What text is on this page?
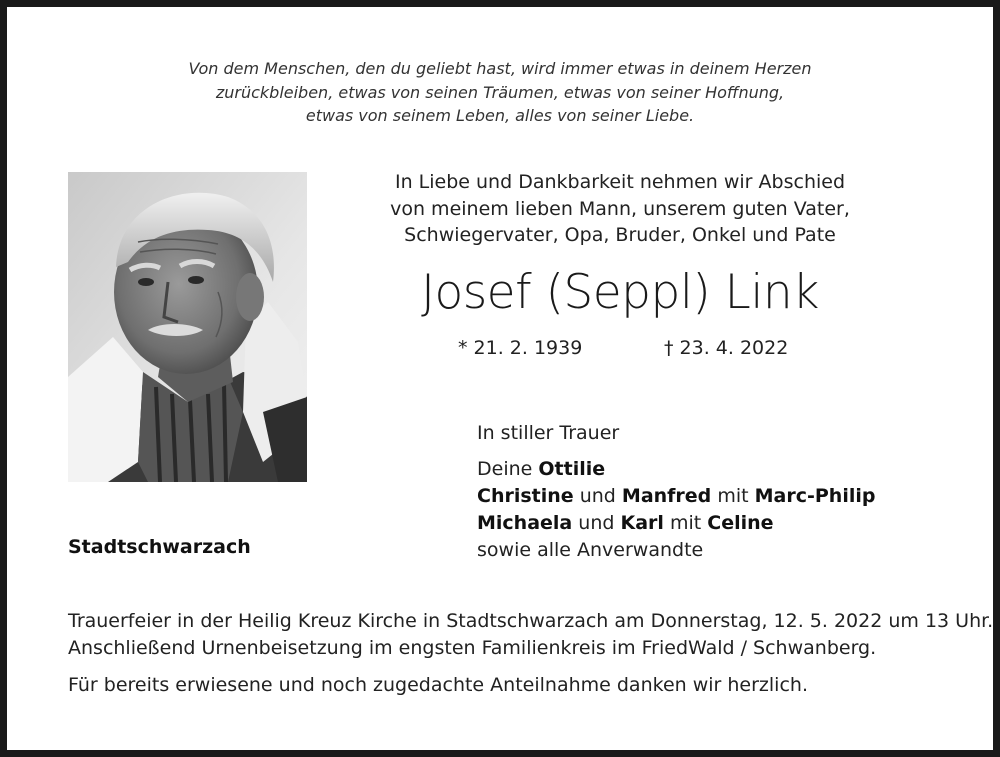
Von dem Menschen, den du geliebt hast, wird immer etwas in deinem Herzen
zurückbleiben, etwas von seinen Träumen, etwas von seiner Hoffnung,
etwas von seinem Leben, alles von seiner Liebe.
In Liebe und Dankbarkeit nehmen wir Abschied
von meinem lieben Mann, unserem guten Vater,
Schwiegervater, Opa, Bruder, Onkel und Pate
Josef (Seppl) Link
* 21. 2. 1939	† 23. 4. 2022
In stiller Trauer
Deine Ottilie
Christine und Manfred mit Marc-Philip
Michaela und Karl mit Celine
sowie alle Anverwandte
Stadtschwarzach
Trauerfeier in der Heilig Kreuz Kirche in Stadtschwarzach am Donnerstag, 12. 5. 2022 um 13 Uhr.
Anschließend Urnenbeisetzung im engsten Familienkreis im FriedWald / Schwanberg.
Für bereits erwiesene und noch zugedachte Anteilnahme danken wir herzlich.
